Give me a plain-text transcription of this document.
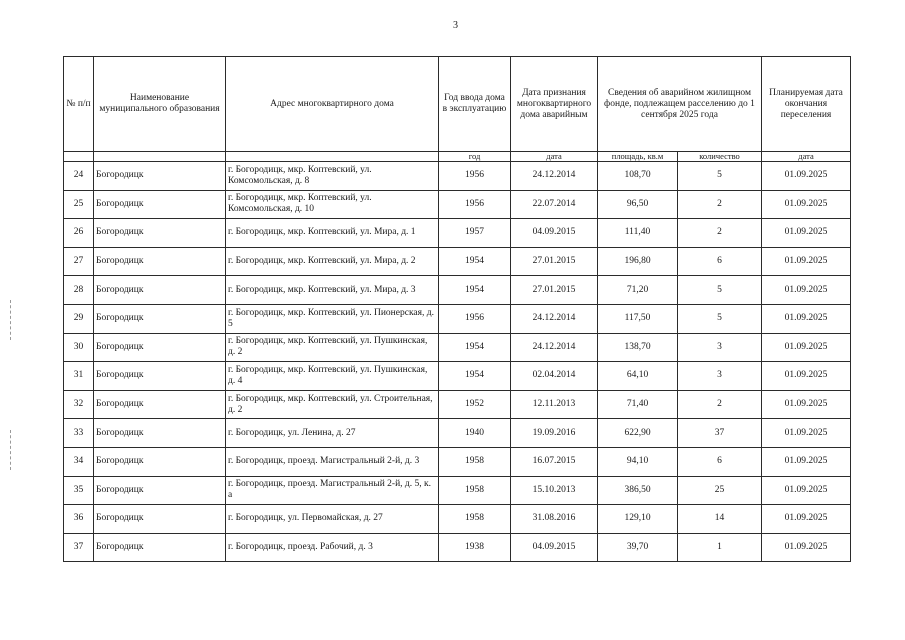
3
№ п/п	Наименование муниципального образования	Адрес многоквартирного дома	Год ввода дома в эксплуатацию	Дата признания многоквартирного дома аварийным	Сведения об аварийном жилищном фонде, подлежащем расселению до 1 сентября 2025 года		Планируемая дата окончания переселения
			год	дата	площадь, кв.м	количество	дата
24	Богородицк	г. Богородицк, мкр. Коптевский, ул. Комсомольская, д. 8	1956	24.12.2014	108,70	5	01.09.2025
25	Богородицк	г. Богородицк, мкр. Коптевский, ул. Комсомольская, д. 10	1956	22.07.2014	96,50	2	01.09.2025
26	Богородицк	г. Богородицк, мкр. Коптевский, ул. Мира, д. 1	1957	04.09.2015	111,40	2	01.09.2025
27	Богородицк	г. Богородицк, мкр. Коптевский, ул. Мира, д. 2	1954	27.01.2015	196,80	6	01.09.2025
28	Богородицк	г. Богородицк, мкр. Коптевский, ул. Мира, д. 3	1954	27.01.2015	71,20	5	01.09.2025
29	Богородицк	г. Богородицк, мкр. Коптевский, ул. Пионерская, д. 5	1956	24.12.2014	117,50	5	01.09.2025
30	Богородицк	г. Богородицк, мкр. Коптевский, ул. Пушкинская, д. 2	1954	24.12.2014	138,70	3	01.09.2025
31	Богородицк	г. Богородицк, мкр. Коптевский, ул. Пушкинская, д. 4	1954	02.04.2014	64,10	3	01.09.2025
32	Богородицк	г. Богородицк, мкр. Коптевский, ул. Строительная, д. 2	1952	12.11.2013	71,40	2	01.09.2025
33	Богородицк	г. Богородицк, ул. Ленина, д. 27	1940	19.09.2016	622,90	37	01.09.2025
34	Богородицк	г. Богородицк, проезд. Магистральный 2-й, д. 3	1958	16.07.2015	94,10	6	01.09.2025
35	Богородицк	г. Богородицк, проезд. Магистральный 2-й, д. 5, к. а	1958	15.10.2013	386,50	25	01.09.2025
36	Богородицк	г. Богородицк, ул. Первомайская, д. 27	1958	31.08.2016	129,10	14	01.09.2025
37	Богородицк	г. Богородицк, проезд. Рабочий, д. 3	1938	04.09.2015	39,70	1	01.09.2025
